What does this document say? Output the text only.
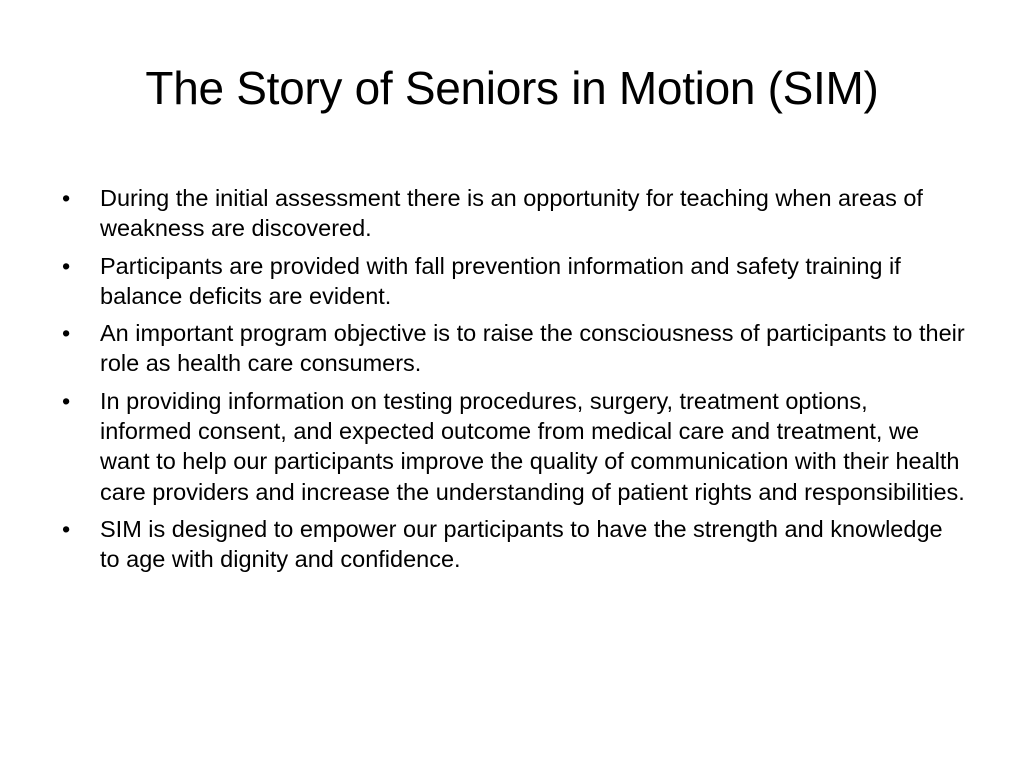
The Story of Seniors in Motion (SIM)
•	During the initial assessment there is an opportunity for teaching when areas of weakness are discovered.
•	Participants are provided with fall prevention information and safety training if balance deficits are evident.
•	An important program objective is to raise the consciousness of participants to their role as health care consumers.
•	In providing information on testing procedures, surgery, treatment options, informed consent, and expected outcome from medical care and treatment, we want to help our participants improve the quality of communication with their health care providers and increase the understanding of patient rights and responsibilities.
•	SIM is designed to empower our participants to have the strength and knowledge to age with dignity and confidence.
